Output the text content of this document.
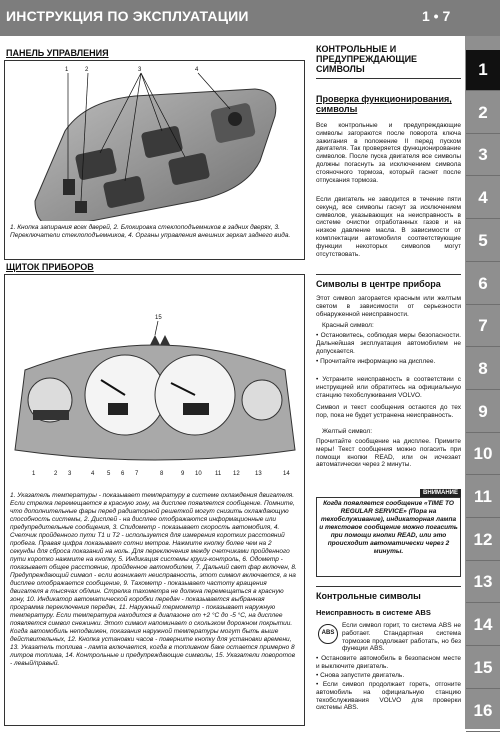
ИНСТРУКЦИЯ ПО ЭКСПЛУАТАЦИИ	1 • 7
1
2
3
4
5
6
7
8
9
10
11
12
13
14
15
16
ПАНЕЛЬ УПРАВЛЕНИЯ
1	2	3	4
1. Кнопка запирания всех дверей, 2. Блокировка стеклоподъемников в задних дверях, 3. Переключатели стеклоподъемников, 4. Органы управления внешних зеркал заднего вида.
ЩИТОК ПРИБОРОВ
15
1	2 3	4 5 6 7	8	9 10 11 12	13	14
1. Указатель температуры - показывает температуру в системе охлаждения двигателя. Если стрелка перемещается в красную зону, на дисплее появляется сообщение. Помните, что дополнительные фары перед радиаторной решеткой могут снизить охлаждающую способность системы, 2. Дисплей - на дисплее отображаются информационные или предупредительные сообщения, 3. Спидометр - показывает скорость автомобиля, 4. Счетчик пройденного пути T1 и T2 - используется для измерения коротких расстояний пробега. Правая цифра показывает сотни метров. Нажмите кнопку более чем на 2 секунды для сброса показаний на ноль. Для переключения между счетчиками пройденного пути коротко нажмите на кнопку, 5. Индикация системы круиз-контроль, 6. Одометр - показывает общее расстояние, пройденное автомобилем, 7. Дальний свет фар включен, 8. Предупреждающий символ - если возникает неисправность, этот символ включается, а на дисплее отображается сообщение, 9. Тахометр - показывает частоту вращения двигателя в тысячах об/мин. Стрелка тахометра не должна перемещаться в красную зону, 10. Индикатор автоматической коробки передач - показывается выбранная программа переключения передач, 11. Наружный термометр - показывает наружную температуру. Если температура находится в диапазоне от +2 °С до -5 °С, на дисплее появляется символ снежинки. Этот символ напоминает о скользком дорожном покрытии. Когда автомобиль неподвижен, показания наружной температуры могут быть выше действительных, 12. Кнопка установки часов - поверните кнопку для установки времени, 13. Указатель топлива - лампа включается, когда в топливном баке остается примерно 8 литров топлива, 14. Контрольные и предупреждающие символы, 15. Указатели поворотов - левый/правый.
КОНТРОЛЬНЫЕ И ПРЕДУПРЕЖДАЮЩИЕ СИМВОЛЫ
Проверка функционирования, символы
Все контрольные и предупреждающие символы загораются после поворота ключа зажигания в положение II перед пуском двигателя. Так проверяется функционирование символов. После пуска двигателя все символы должны погаснуть за исключением символа стояночного тормоза, который гаснет после отпускания тормоза.
Если двигатель не заводится в течение пяти секунд, все символы гаснут за исключением символов, указывающих на неисправность в системе очистки отработанных газов и на низкое давление масла. В зависимости от комплектации автомобиля соответствующие функции некоторых символов могут отсутствовать.
Символы в центре прибора
Этот символ загорается красным или желтым светом в зависимости от серьезности обнаруженной неисправности.
Красный символ:
• Остановитесь, соблюдая меры безопасности. Дальнейшая эксплуатация автомобилем не допускается.
• Прочитайте информацию на дисплее.
• Устраните неисправность в соответствии с инструкцией или обратитесь на официальную станцию техобслуживания VOLVO.
Символ и текст сообщения остаются до тех пор, пока не будет устранена неисправность.
Желтый символ:
Прочитайте сообщение на дисплее. Примите меры! Текст сообщения можно погасить при помощи кнопки READ, или он исчезает автоматически через 2 минуты.
ВНИМАНИЕ
Когда появляется сообщение «TIME TO REGULAR SERVICE» (Пора на техобслуживание), индикаторная лампа и текстовое сообщение можно погасить при помощи кнопки READ, или это происходит автоматически через 2 минуты.
Контрольные символы
Неисправность в системе ABS
ABS
Если символ горит, то система ABS не работает. Стандартная система тормозов продолжает работать, но без функции ABS.
• Остановите автомобиль в безопасном месте и выключите двигатель.
• Снова запустите двигатель.
• Если символ продолжает гореть, отгоните автомобиль на официальную станцию техобслуживания VOLVO для проверки системы ABS.
